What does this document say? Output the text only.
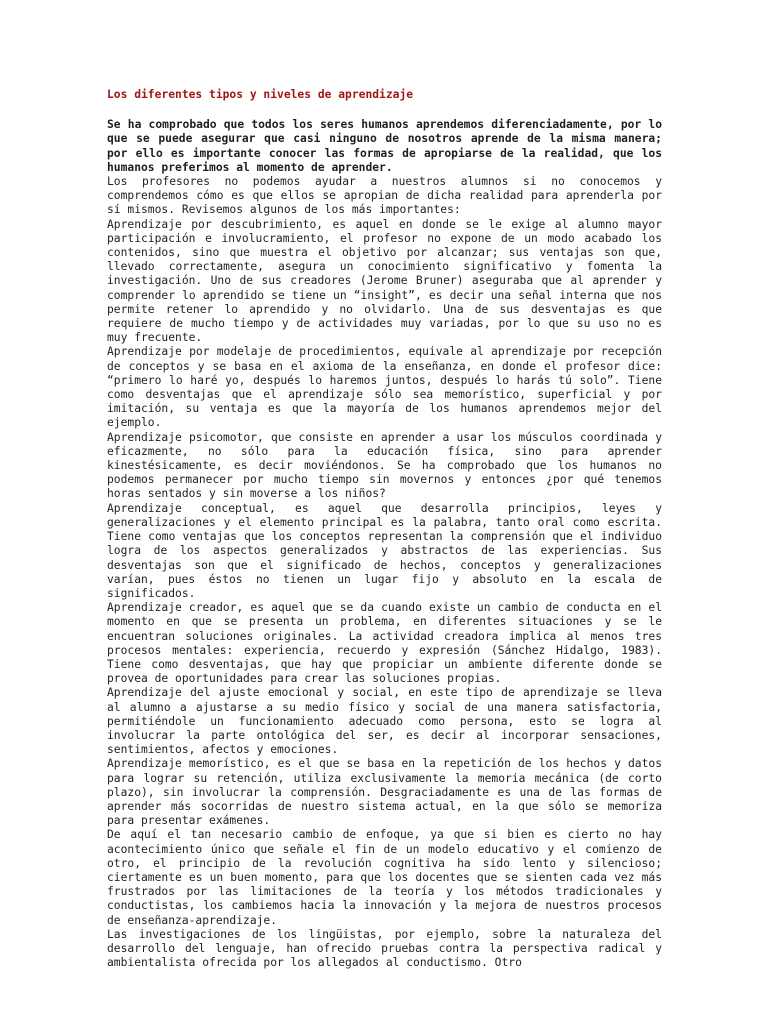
Los diferentes tipos y niveles de aprendizaje

Se ha comprobado que todos los seres humanos aprendemos diferenciadamente, por lo que se puede asegurar que casi ninguno de nosotros aprende de la misma manera; por ello es importante conocer las formas de apropiarse de la realidad, que los humanos preferimos al momento de aprender.

Los profesores no podemos ayudar a nuestros alumnos si no conocemos y comprendemos cómo es que ellos se apropian de dicha realidad para aprenderla por sí mismos. Revisemos algunos de los más importantes:

Aprendizaje por descubrimiento, es aquel en donde se le exige al alumno mayor participación e involucramiento, el profesor no expone de un modo acabado los contenidos, sino que muestra el objetivo por alcanzar; sus ventajas son que, llevado correctamente, asegura un conocimiento significativo y fomenta la investigación. Uno de sus creadores (Jerome Bruner) aseguraba que al aprender y comprender lo aprendido se tiene un “insight”, es decir una señal interna que nos permite retener lo aprendido y no olvidarlo. Una de sus desventajas es que requiere de mucho tiempo y de actividades muy variadas, por lo que su uso no es muy frecuente.

Aprendizaje por modelaje de procedimientos, equivale al aprendizaje por recepción de conceptos y se basa en el axioma de la enseñanza, en donde el profesor dice: “primero lo haré yo, después lo haremos juntos, después lo harás tú solo”. Tiene como desventajas que el aprendizaje sólo sea memorístico, superficial y por imitación, su ventaja es que la mayoría de los humanos aprendemos mejor del ejemplo.

Aprendizaje psicomotor, que consiste en aprender a usar los músculos coordinada y eficazmente, no sólo para la educación física, sino para aprender kinestésicamente, es decir moviéndonos. Se ha comprobado que los humanos no podemos permanecer por mucho tiempo sin movernos y entonces ¿por qué tenemos horas sentados y sin moverse a los niños?

Aprendizaje conceptual, es aquel que desarrolla principios, leyes y generalizaciones y el elemento principal es la palabra, tanto oral como escrita. Tiene como ventajas que los conceptos representan la comprensión que el individuo logra de los aspectos generalizados y abstractos de las experiencias. Sus desventajas son que el significado de hechos, conceptos y generalizaciones varían, pues éstos no tienen un lugar fijo y absoluto en la escala de significados.

Aprendizaje creador, es aquel que se da cuando existe un cambio de conducta en el momento en que se presenta un problema, en diferentes situaciones y se le encuentran soluciones originales. La actividad creadora implica al menos tres procesos mentales: experiencia, recuerdo y expresión (Sánchez Hidalgo, 1983). Tiene como desventajas, que hay que propiciar un ambiente diferente donde se provea de oportunidades para crear las soluciones propias.

Aprendizaje del ajuste emocional y social, en este tipo de aprendizaje se lleva al alumno a ajustarse a su medio físico y social de una manera satisfactoria, permitiéndole un funcionamiento adecuado como persona, esto se logra al involucrar la parte ontológica del ser, es decir al incorporar sensaciones, sentimientos, afectos y emociones.

Aprendizaje memorístico, es el que se basa en la repetición de los hechos y datos para lograr su retención, utiliza exclusivamente la memoria mecánica (de corto plazo), sin involucrar la comprensión. Desgraciadamente es una de las formas de aprender más socorridas de nuestro sistema actual, en la que sólo se memoriza para presentar exámenes.

De aquí el tan necesario cambio de enfoque, ya que si bien es cierto no hay acontecimiento único que señale el fin de un modelo educativo y el comienzo de otro, el principio de la revolución cognitiva ha sido lento y silencioso; ciertamente es un buen momento, para que los docentes que se sienten cada vez más frustrados por las limitaciones de la teoría y los métodos tradicionales y conductistas, los cambiemos hacia la innovación y la mejora de nuestros procesos de enseñanza-aprendizaje.

Las investigaciones de los lingüistas, por ejemplo, sobre la naturaleza del desarrollo del lenguaje, han ofrecido pruebas contra la perspectiva radical y ambientalista ofrecida por los allegados al conductismo. Otro
